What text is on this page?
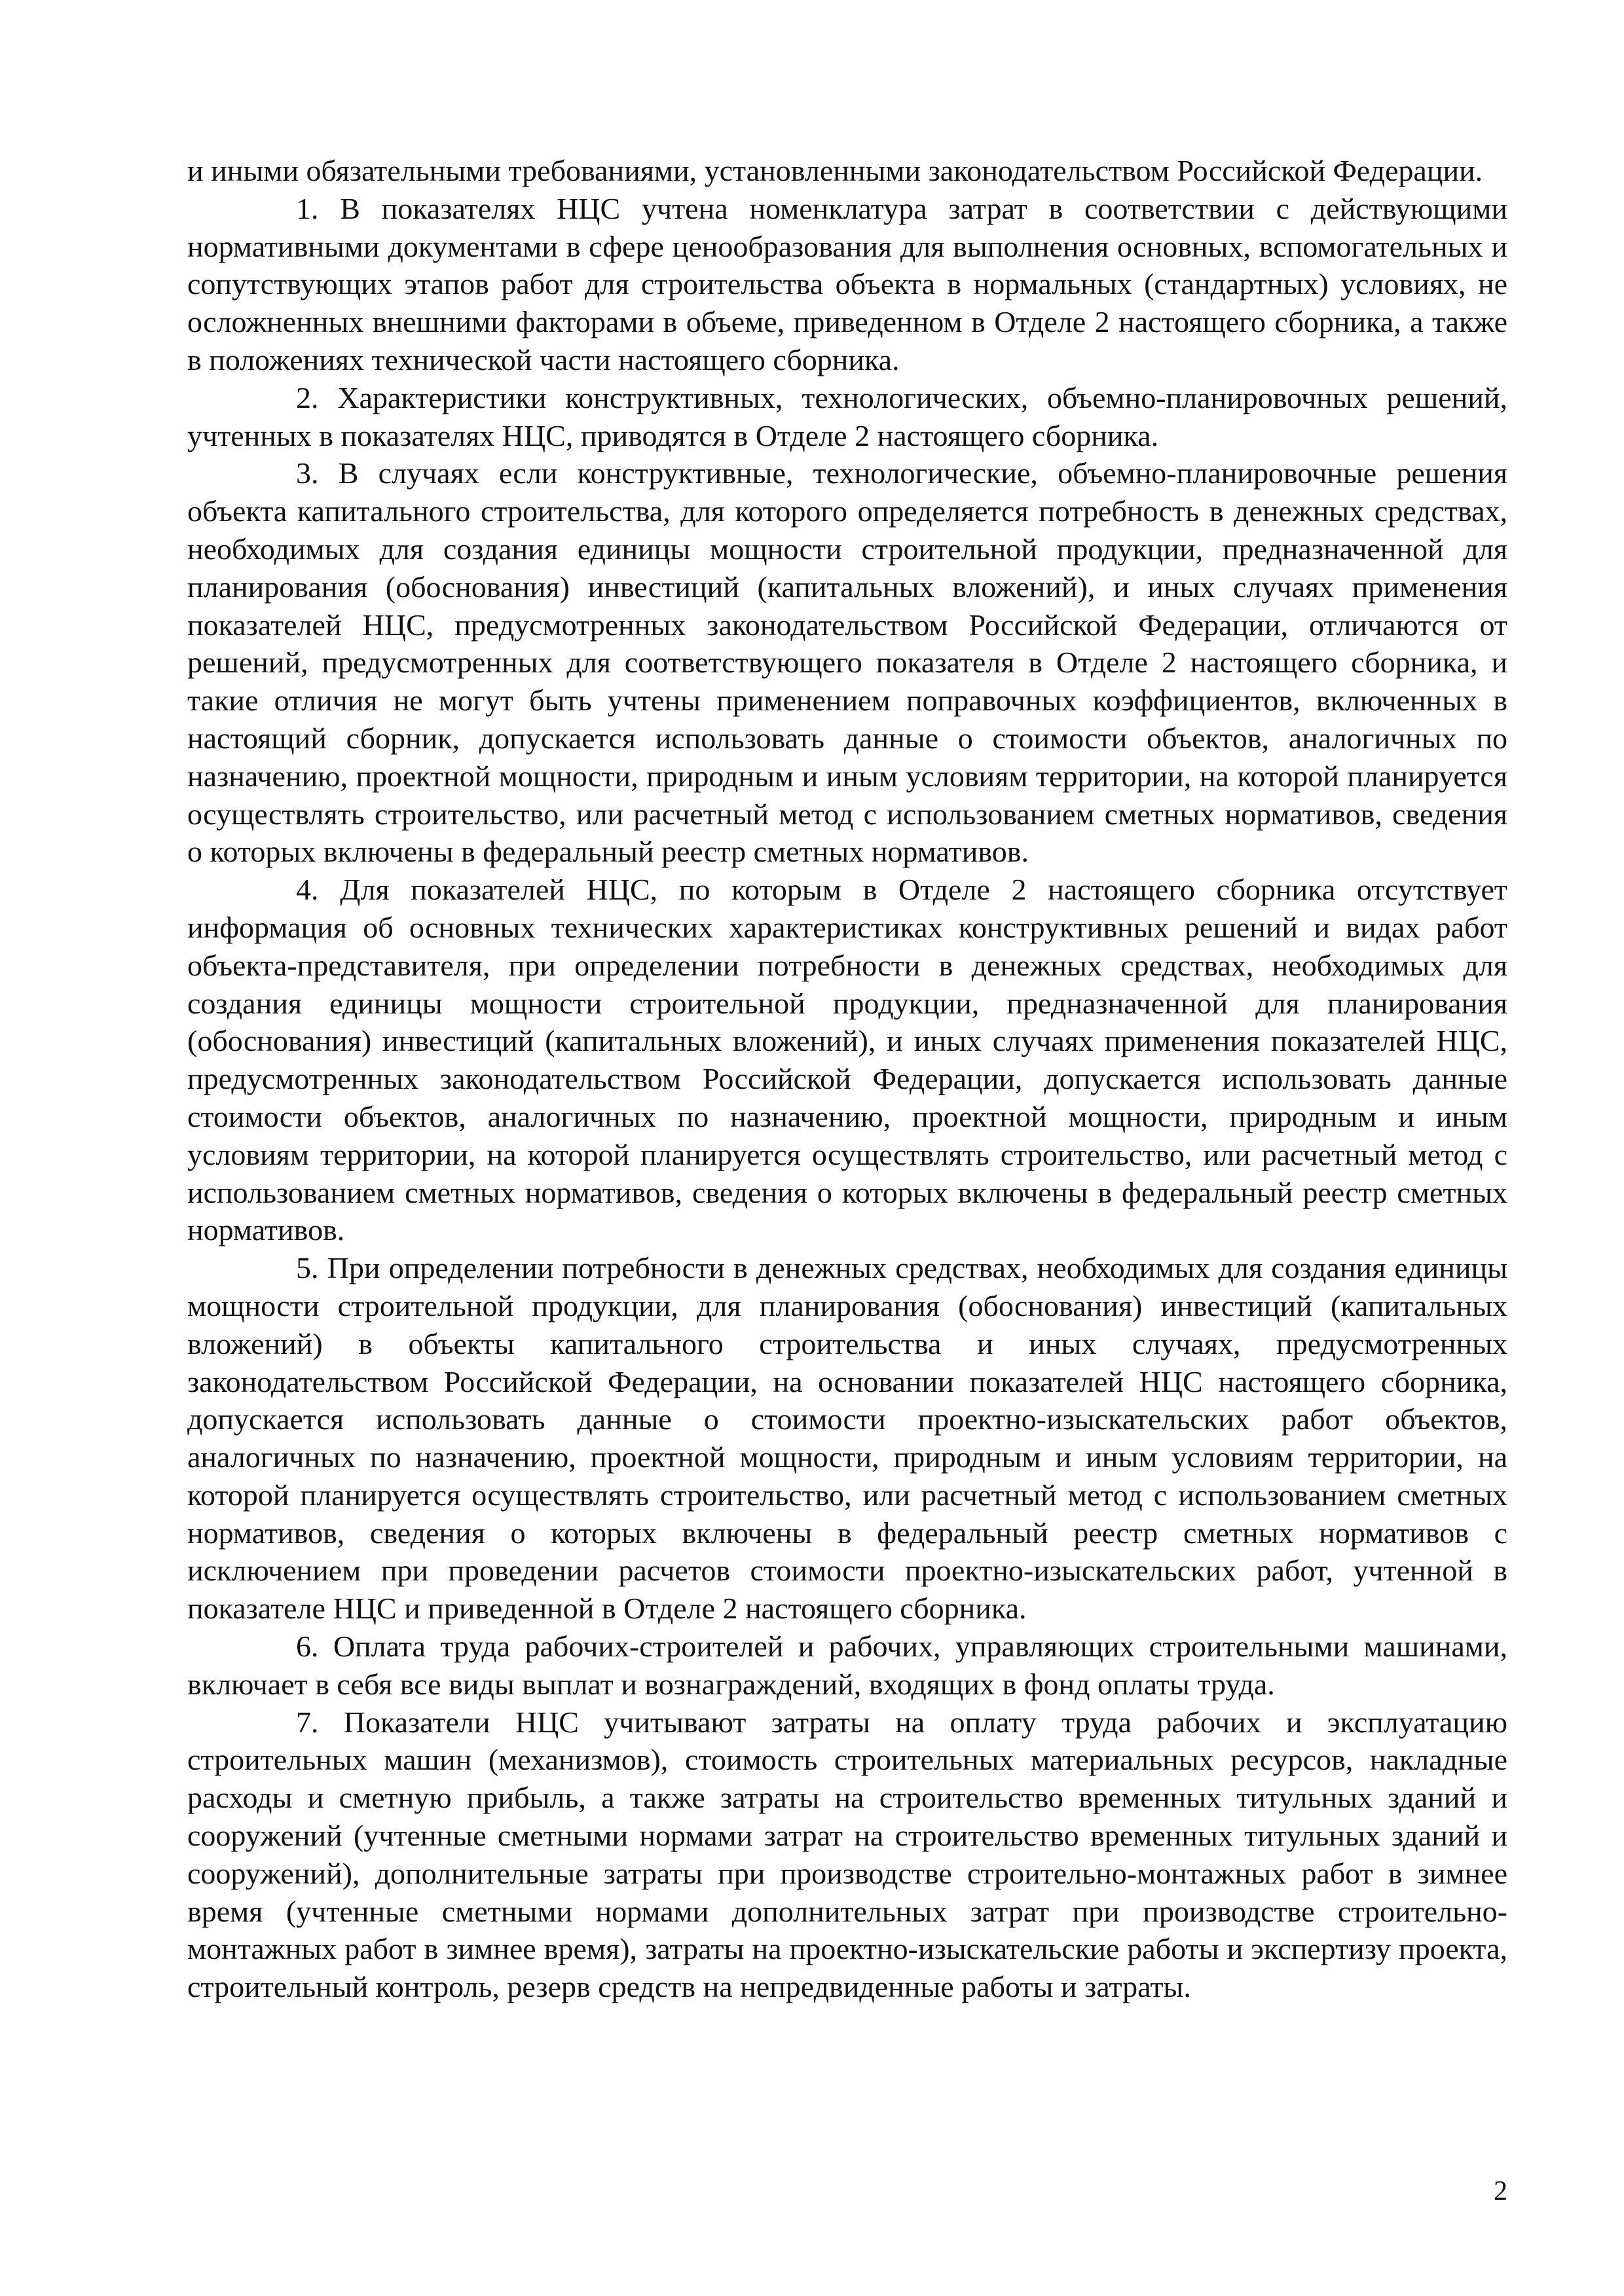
и иными обязательными требованиями, установленными законодательством Российской Федерации.

1. В показателях НЦС учтена номенклатура затрат в соответствии с действующими нормативными документами в сфере ценообразования для выполнения основных, вспомогательных и сопутствующих этапов работ для строительства объекта в нормальных (стандартных) условиях, не осложненных внешними факторами в объеме, приведенном в Отделе 2 настоящего сборника, а также в положениях технической части настоящего сборника.

2. Характеристики конструктивных, технологических, объемно-планировочных решений, учтенных в показателях НЦС, приводятся в Отделе 2 настоящего сборника.

3. В случаях если конструктивные, технологические, объемно-планировочные решения объекта капитального строительства, для которого определяется потребность в денежных средствах, необходимых для создания единицы мощности строительной продукции, предназначенной для планирования (обоснования) инвестиций (капитальных вложений), и иных случаях применения показателей НЦС, предусмотренных законодательством Российской Федерации, отличаются от решений, предусмотренных для соответствующего показателя в Отделе 2 настоящего сборника, и такие отличия не могут быть учтены применением поправочных коэффициентов, включенных в настоящий сборник, допускается использовать данные о стоимости объектов, аналогичных по назначению, проектной мощности, природным и иным условиям территории, на которой планируется осуществлять строительство, или расчетный метод с использованием сметных нормативов, сведения о которых включены в федеральный реестр сметных нормативов.

4. Для показателей НЦС, по которым в Отделе 2 настоящего сборника отсутствует информация об основных технических характеристиках конструктивных решений и видах работ объекта-представителя, при определении потребности в денежных средствах, необходимых для создания единицы мощности строительной продукции, предназначенной для планирования (обоснования) инвестиций (капитальных вложений), и иных случаях применения показателей НЦС, предусмотренных законодательством Российской Федерации, допускается использовать данные стоимости объектов, аналогичных по назначению, проектной мощности, природным и иным условиям территории, на которой планируется осуществлять строительство, или расчетный метод с использованием сметных нормативов, сведения о которых включены в федеральный реестр сметных нормативов.

5. При определении потребности в денежных средствах, необходимых для создания единицы мощности строительной продукции, для планирования (обоснования) инвестиций (капитальных вложений) в объекты капитального строительства и иных случаях, предусмотренных законодательством Российской Федерации, на основании показателей НЦС настоящего сборника, допускается использовать данные о стоимости проектно-изыскательских работ объектов, аналогичных по назначению, проектной мощности, природным и иным условиям территории, на которой планируется осуществлять строительство, или расчетный метод с использованием сметных нормативов, сведения о которых включены в федеральный реестр сметных нормативов с исключением при проведении расчетов стоимости проектно-изыскательских работ, учтенной в показателе НЦС и приведенной в Отделе 2 настоящего сборника.

6. Оплата труда рабочих-строителей и рабочих, управляющих строительными машинами, включает в себя все виды выплат и вознаграждений, входящих в фонд оплаты труда.

7. Показатели НЦС учитывают затраты на оплату труда рабочих и эксплуатацию строительных машин (механизмов), стоимость строительных материальных ресурсов, накладные расходы и сметную прибыль, а также затраты на строительство временных титульных зданий и сооружений (учтенные сметными нормами затрат на строительство временных титульных зданий и сооружений), дополнительные затраты при производстве строительно-монтажных работ в зимнее время (учтенные сметными нормами дополнительных затрат при производстве строительно-монтажных работ в зимнее время), затраты на проектно-изыскательские работы и экспертизу проекта, строительный контроль, резерв средств на непредвиденные работы и затраты.

2
